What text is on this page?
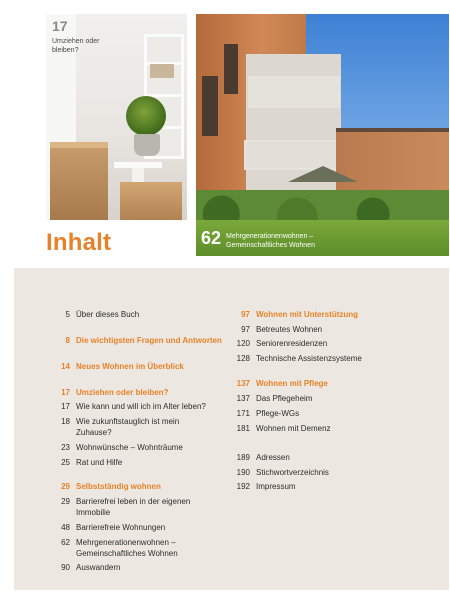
17
Umziehen oder bleiben?
62 Mehrgenerationenwohnen – Gemeinschaftliches Wohnen
Inhalt
5 Über dieses Buch
8 Die wichtigsten Fragen und Antworten
14 Neues Wohnen im Überblick
17 Umziehen oder bleiben?
17 Wie kann und will ich im Alter leben?
18 Wie zukunftstauglich ist mein Zuhause?
23 Wohnwünsche – Wohnträume
25 Rat und Hilfe
29 Selbstständig wohnen
29 Barrierefrei leben in der eigenen Immobilie
48 Barrierefreie Wohnungen
62 Mehrgenerationenwohnen – Gemeinschaftliches Wohnen
90 Auswandern
97 Wohnen mit Unterstützung
97 Betreutes Wohnen
120 Seniorenresidenzen
128 Technische Assistenzsysteme
137 Wohnen mit Pflege
137 Das Pflegeheim
171 Pflege-WGs
181 Wohnen mit Demenz
189 Adressen
190 Stichwortverzeichnis
192 Impressum
